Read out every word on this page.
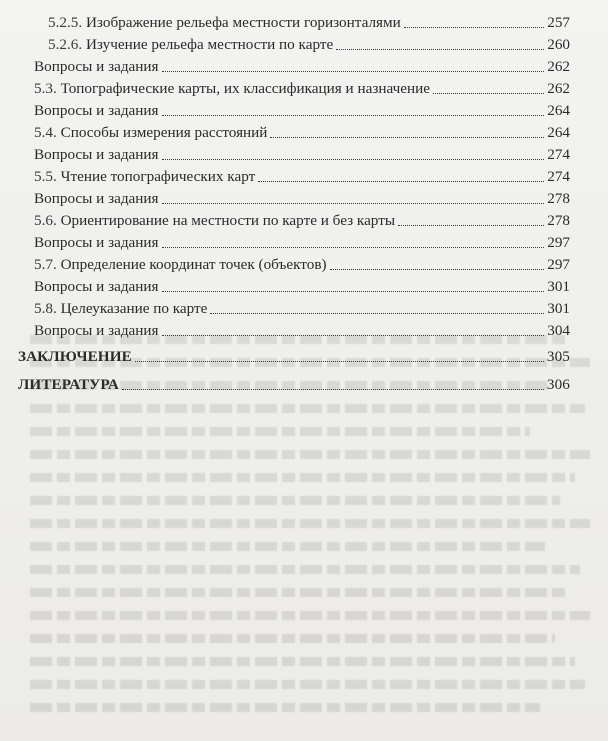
5.2.5. Изображение рельефа местности горизонталями	257
5.2.6. Изучение рельефа местности по карте	260
Вопросы и задания	262
5.3. Топографические карты, их классификация и назначение	262
Вопросы и задания	264
5.4. Способы измерения расстояний	264
Вопросы и задания	274
5.5. Чтение топографических карт	274
Вопросы и задания	278
5.6. Ориентирование на местности по карте и без карты	278
Вопросы и задания	297
5.7. Определение координат точек (объектов)	297
Вопросы и задания	301
5.8. Целеуказание по карте	301
Вопросы и задания	304
ЗАКЛЮЧЕНИЕ	305
ЛИТЕРАТУРА	306
